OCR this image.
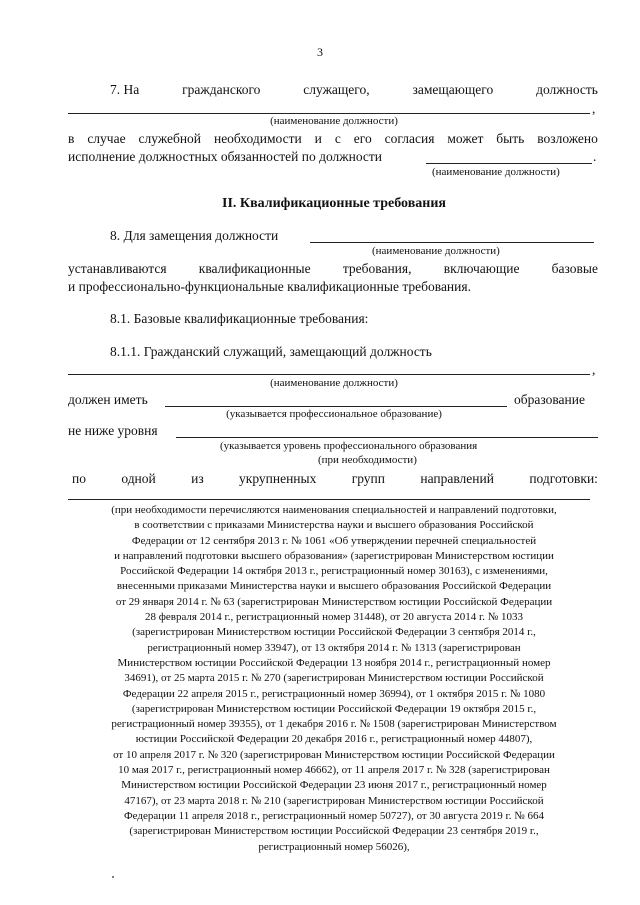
3
7. На	гражданского	служащего,	замещающего	должность
,
(наименование должности)
в случае служебной необходимости и с его согласия может быть возложено
исполнение должностных обязанностей по должности	.
(наименование должности)
II. Квалификационные требования
8. Для замещения должности
(наименование должности)
устанавливаются квалификационные требования, включающие базовые
и профессионально-функциональные квалификационные требования.
8.1. Базовые квалификационные требования:
8.1.1. Гражданский служащий, замещающий должность
,
(наименование должности)
должен иметь	образование
(указывается профессиональное образование)
не ниже уровня
(указывается уровень профессионального образования
(при необходимости)
по	одной	из	укрупненных	групп	направлений	подготовки:
(при необходимости перечисляются наименования специальностей и направлений подготовки,
в соответствии с приказами Министерства науки и высшего образования Российской
Федерации от 12 сентября 2013 г. № 1061 «Об утверждении перечней специальностей
и направлений подготовки высшего образования» (зарегистрирован Министерством юстиции
Российской Федерации 14 октября 2013 г., регистрационный номер 30163), с изменениями,
внесенными приказами Министерства науки и высшего образования Российской Федерации
от 29 января 2014 г. № 63 (зарегистрирован Министерством юстиции Российской Федерации
28 февраля 2014 г., регистрационный номер 31448), от 20 августа 2014 г. № 1033
(зарегистрирован Министерством юстиции Российской Федерации 3 сентября 2014 г.,
регистрационный номер 33947), от 13 октября 2014 г. № 1313 (зарегистрирован
Министерством юстиции Российской Федерации 13 ноября 2014 г., регистрационный номер
34691), от 25 марта 2015 г. № 270 (зарегистрирован Министерством юстиции Российской
Федерации 22 апреля 2015 г., регистрационный номер 36994), от 1 октября 2015 г. № 1080
(зарегистрирован Министерством юстиции Российской Федерации 19 октября 2015 г.,
регистрационный номер 39355), от 1 декабря 2016 г. № 1508 (зарегистрирован Министерством
юстиции Российской Федерации 20 декабря 2016 г., регистрационный номер 44807),
от 10 апреля 2017 г. № 320 (зарегистрирован Министерством юстиции Российской Федерации
10 мая 2017 г., регистрационный номер 46662), от 11 апреля 2017 г. № 328 (зарегистрирован
Министерством юстиции Российской Федерации 23 июня 2017 г., регистрационный номер
47167), от 23 марта 2018 г. № 210 (зарегистрирован Министерством юстиции Российской
Федерации 11 апреля 2018 г., регистрационный номер 50727), от 30 августа 2019 г. № 664
(зарегистрирован Министерством юстиции Российской Федерации 23 сентября 2019 г.,
регистрационный номер 56026),
